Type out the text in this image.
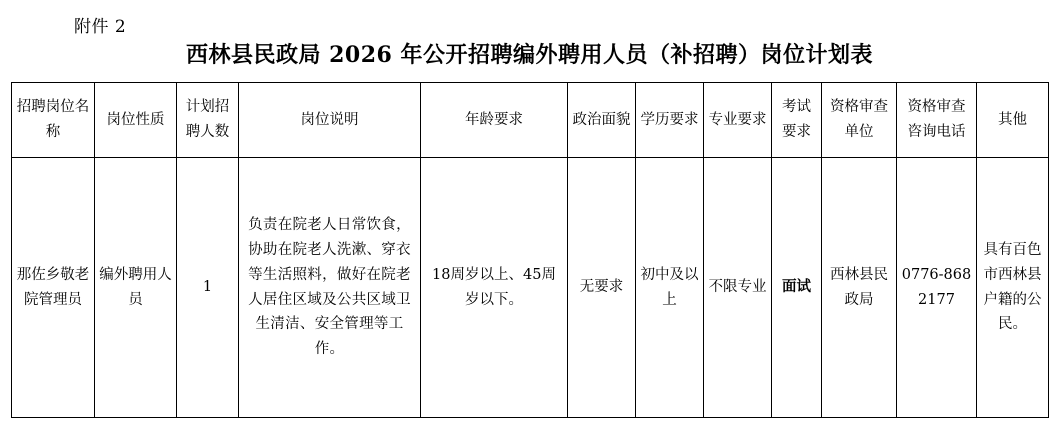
附件 2
西林县民政局 2026 年公开招聘编外聘用人员（补招聘）岗位计划表
招聘岗位名称	岗位性质	计划招聘人数	岗位说明	年龄要求	政治面貌	学历要求	专业要求	考试要求	资格审查单位	资格审查咨询电话	其他
那佐乡敬老院管理员	编外聘用人员	1	负责在院老人日常饮食，协助在院老人洗漱、穿衣等生活照料，做好在院老人居住区域及公共区域卫生清洁、安全管理等工作。	18周岁以上、45周岁以下。	无要求	初中及以上	不限专业	面试	西林县民政局	0776-8682177	具有百色市西林县户籍的公民。
